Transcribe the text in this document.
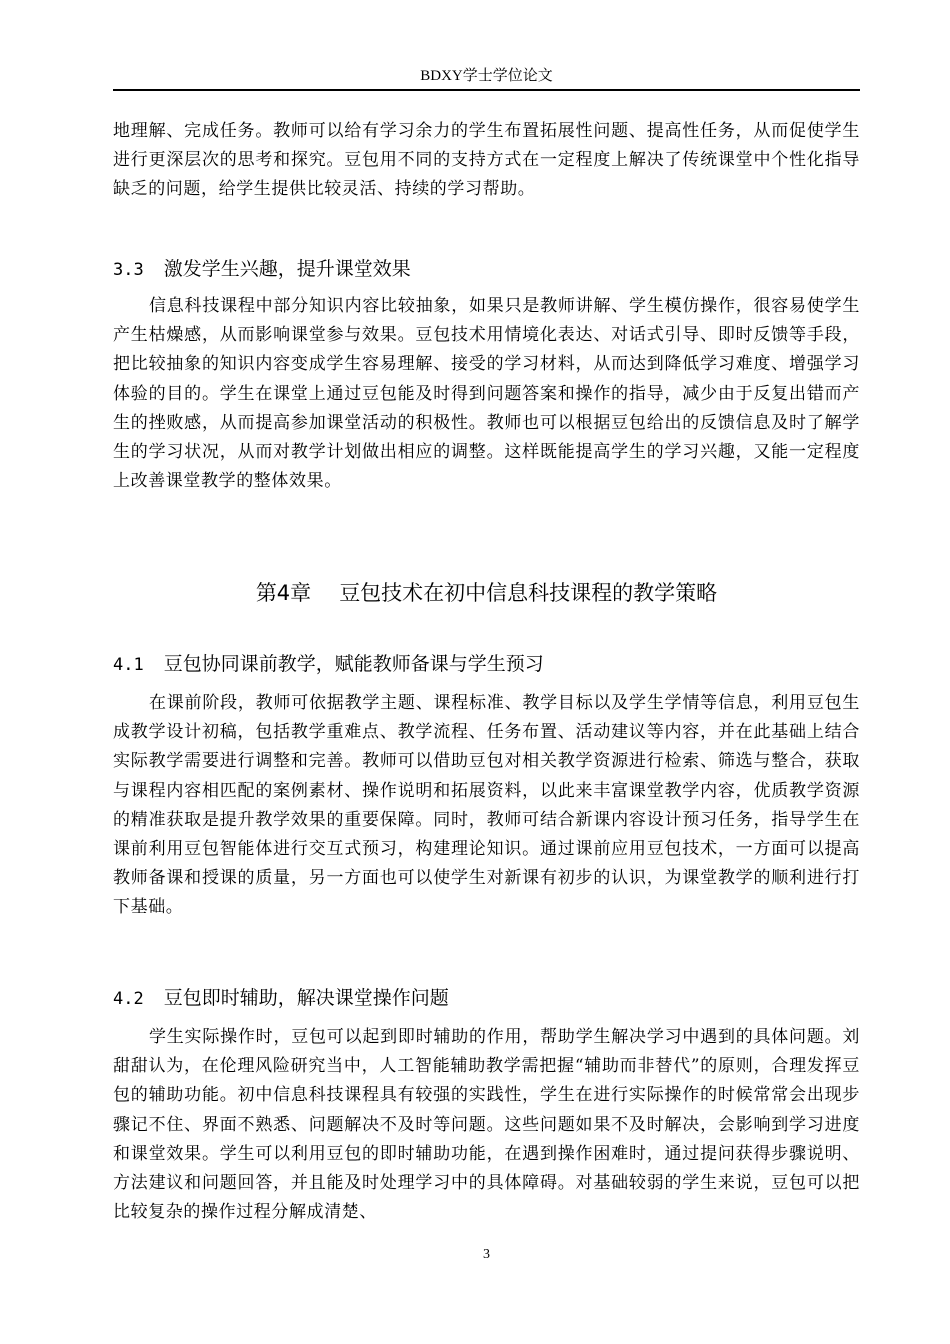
BDXY学士学位论文

地理解、完成任务。教师可以给有学习余力的学生布置拓展性问题、提高性任务，从而促使学生进行更深层次的思考和探究。豆包用不同的支持方式在一定程度上解决了传统课堂中个性化指导缺乏的问题，给学生提供比较灵活、持续的学习帮助。

3.3 激发学生兴趣，提升课堂效果

信息科技课程中部分知识内容比较抽象，如果只是教师讲解、学生模仿操作，很容易使学生产生枯燥感，从而影响课堂参与效果。豆包技术用情境化表达、对话式引导、即时反馈等手段，把比较抽象的知识内容变成学生容易理解、接受的学习材料，从而达到降低学习难度、增强学习体验的目的。学生在课堂上通过豆包能及时得到问题答案和操作的指导，减少由于反复出错而产生的挫败感，从而提高参加课堂活动的积极性。教师也可以根据豆包给出的反馈信息及时了解学生的学习状况，从而对教学计划做出相应的调整。这样既能提高学生的学习兴趣，又能一定程度上改善课堂教学的整体效果。

第4章 豆包技术在初中信息科技课程的教学策略
4.1 豆包协同课前教学，赋能教师备课与学生预习

在课前阶段，教师可依据教学主题、课程标准、教学目标以及学生学情等信息，利用豆包生成教学设计初稿，包括教学重难点、教学流程、任务布置、活动建议等内容，并在此基础上结合实际教学需要进行调整和完善。教师可以借助豆包对相关教学资源进行检索、筛选与整合，获取与课程内容相匹配的案例素材、操作说明和拓展资料，以此来丰富课堂教学内容，优质教学资源的精准获取是提升教学效果的重要保障。同时，教师可结合新课内容设计预习任务，指导学生在课前利用豆包智能体进行交互式预习，构建理论知识。通过课前应用豆包技术，一方面可以提高教师备课和授课的质量，另一方面也可以使学生对新课有初步的认识，为课堂教学的顺利进行打下基础。

4.2 豆包即时辅助，解决课堂操作问题

学生实际操作时，豆包可以起到即时辅助的作用，帮助学生解决学习中遇到的具体问题。刘甜甜认为，在伦理风险研究当中，人工智能辅助教学需把握“辅助而非替代”的原则，合理发挥豆包的辅助功能。初中信息科技课程具有较强的实践性，学生在进行实际操作的时候常常会出现步骤记不住、界面不熟悉、问题解决不及时等问题。这些问题如果不及时解决，会影响到学习进度和课堂效果。学生可以利用豆包的即时辅助功能，在遇到操作困难时，通过提问获得步骤说明、方法建议和问题回答，并且能及时处理学习中的具体障碍。对基础较弱的学生来说，豆包可以把比较复杂的操作过程分解成清楚、

3
